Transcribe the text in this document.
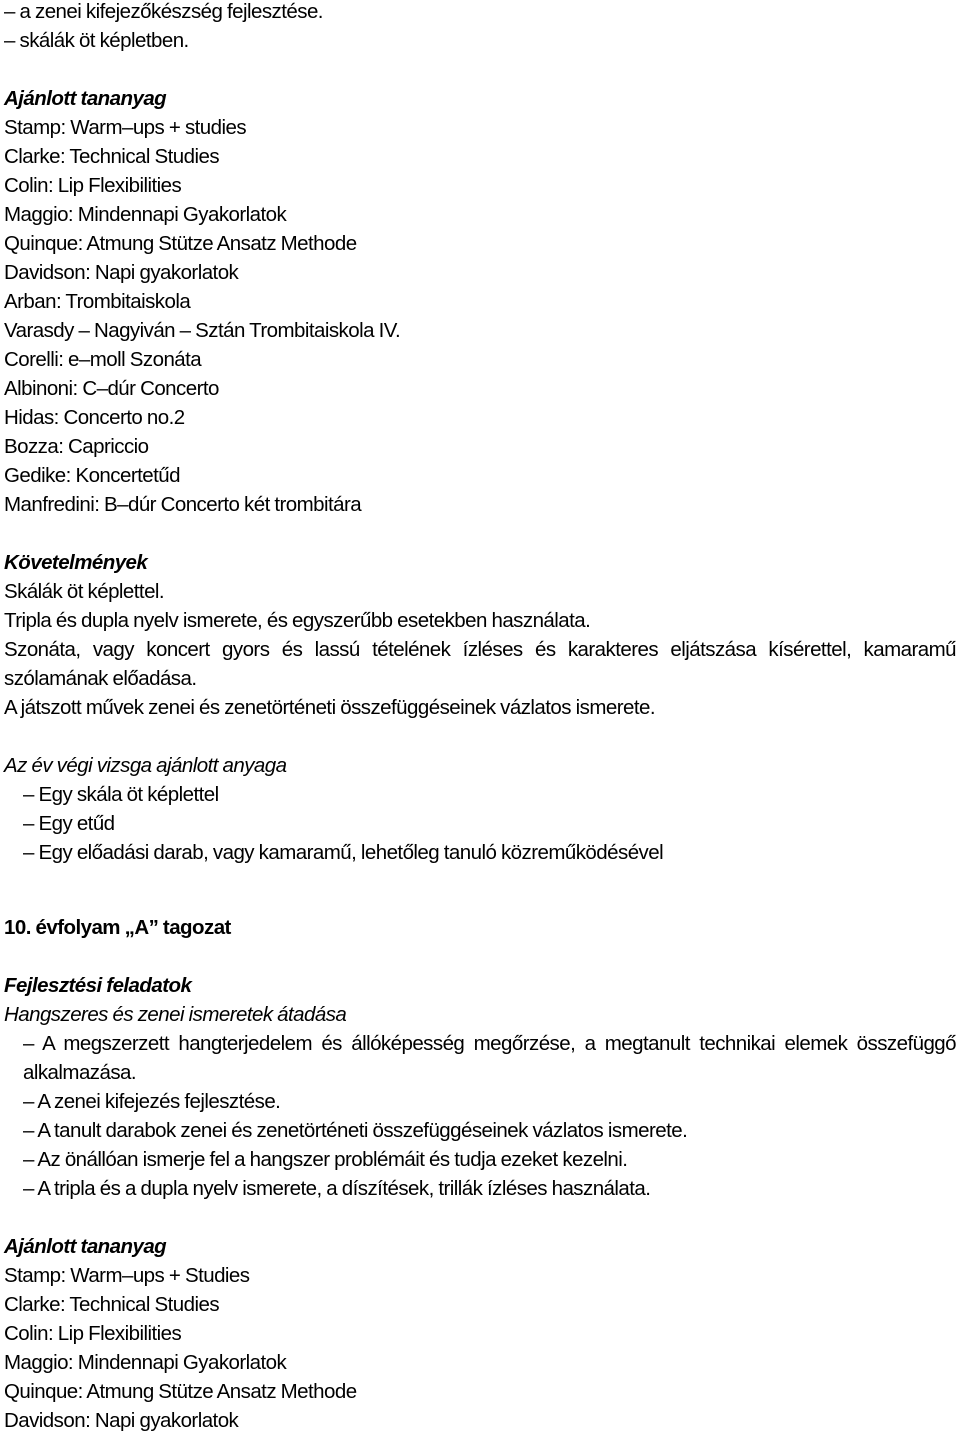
– a zenei kifejezőkészség fejlesztése.
– skálák öt képletben.
Ajánlott tananyag
Stamp: Warm–ups + studies
Clarke: Technical Studies
Colin: Lip Flexibilities
Maggio: Mindennapi Gyakorlatok
Quinque: Atmung Stütze Ansatz Methode
Davidson: Napi gyakorlatok
Arban: Trombitaiskola
Varasdy – Nagyiván – Sztán Trombitaiskola IV.
Corelli: e–moll Szonáta
Albinoni: C–dúr Concerto
Hidas: Concerto no.2
Bozza: Capriccio
Gedike: Koncertetűd
Manfredini: B–dúr Concerto két trombitára
Követelmények
Skálák öt képlettel.
Tripla és dupla nyelv ismerete, és egyszerűbb esetekben használata.
Szonáta, vagy koncert gyors és lassú tételének ízléses és karakteres eljátszása kísérettel, kamaramű szólamának előadása.
A játszott művek zenei és zenetörténeti összefüggéseinek vázlatos ismerete.
Az év végi vizsga ajánlott anyaga
– Egy skála öt képlettel
– Egy etűd
– Egy előadási darab, vagy kamaramű, lehetőleg tanuló közreműködésével
10. évfolyam „A” tagozat
Fejlesztési feladatok
Hangszeres és zenei ismeretek átadása
– A megszerzett hangterjedelem és állóképesség megőrzése, a megtanult technikai elemek összefüggő alkalmazása.
– A zenei kifejezés fejlesztése.
– A tanult darabok zenei és zenetörténeti összefüggéseinek vázlatos ismerete.
– Az önállóan ismerje fel a hangszer problémáit és tudja ezeket kezelni.
– A tripla és a dupla nyelv ismerete, a díszítések, trillák ízléses használata.
Ajánlott tananyag
Stamp: Warm–ups + Studies
Clarke: Technical Studies
Colin: Lip Flexibilities
Maggio: Mindennapi Gyakorlatok
Quinque: Atmung Stütze Ansatz Methode
Davidson: Napi gyakorlatok
